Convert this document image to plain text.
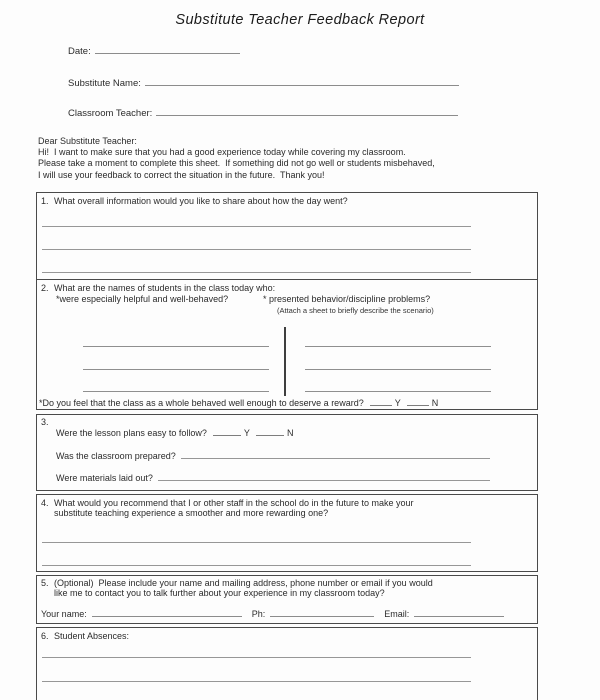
Substitute Teacher Feedback Report
Date:
Substitute Name:
Classroom Teacher:
Dear Substitute Teacher:
Hi!  I want to make sure that you had a good experience today while covering my classroom.
Please take a moment to complete this sheet.  If something did not go well or students misbehaved,
I will use your feedback to correct the situation in the future.  Thank you!
1. What overall information would you like to share about how the day went?
2. What are the names of students in the class today who:
*were especially helpful and well-behaved?	* presented behavior/discipline problems?
(Attach a sheet to briefly describe the scenario)
*Do you feel that the class as a whole behaved well enough to deserve a reward?	Y	N
3.
Were the lesson plans easy to follow?	Y	N
Was the classroom prepared?
Were materials laid out?
4. What would you recommend that I or other staff in the school do in the future to make your
substitute teaching experience a smoother and more rewarding one?
5. (Optional)  Please include your name and mailing address, phone number or email if you would
like me to contact you to talk further about your experience in my classroom today?
Your name:	Ph:	Email:
6. Student Absences:
